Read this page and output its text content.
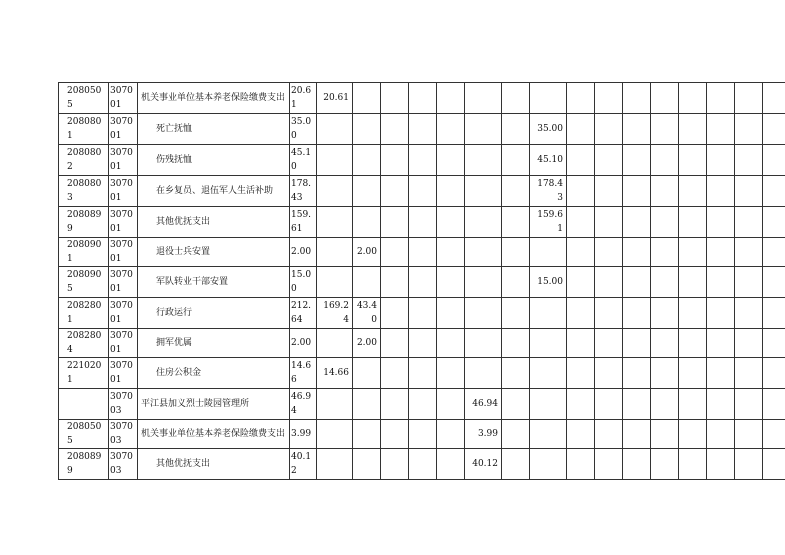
2080505	307001	机关事业单位基本养老保险缴费支出	20.61	20.61															
2080801	307001	死亡抚恤	35.00								35.00								
2080802	307001	伤残抚恤	45.10								45.10								
2080803	307001	在乡复员、退伍军人生活补助	178.43								178.43								
2080899	307001	其他优抚支出	159.61								159.61								
2080901	307001	退役士兵安置	2.00		2.00														
2080905	307001	军队转业干部安置	15.00								15.00								
2082801	307001	行政运行	212.64	169.24	43.40														
2082804	307001	拥军优属	2.00		2.00														
2210201	307001	住房公积金	14.66	14.66															
	307003	平江县加义烈士陵园管理所	46.94						46.94										
2080505	307003	机关事业单位基本养老保险缴费支出	3.99						3.99										
2080899	307003	其他优抚支出	40.12						40.12										
